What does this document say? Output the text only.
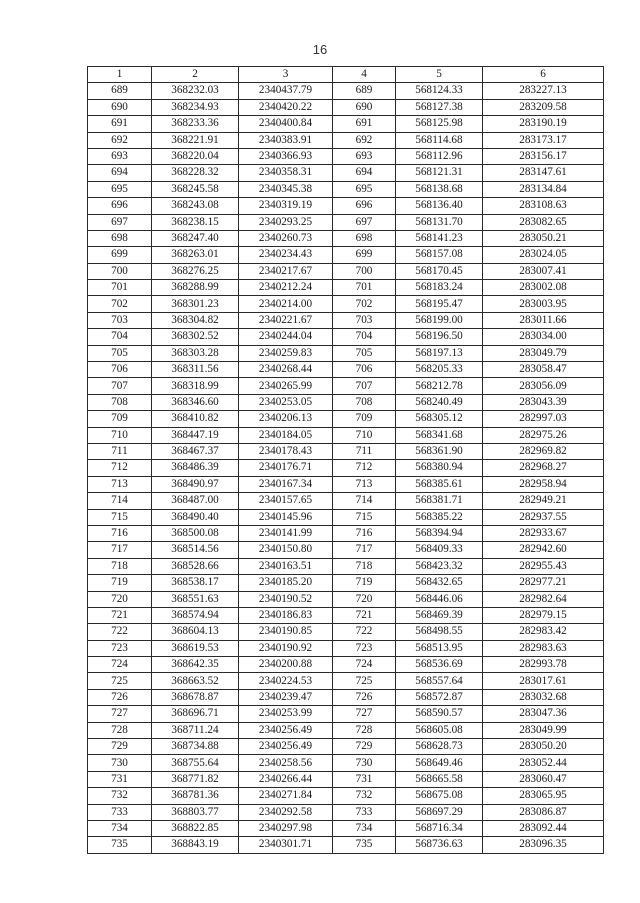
16
1	2	3	4	5	6
689	368232.03	2340437.79	689	568124.33	283227.13
690	368234.93	2340420.22	690	568127.38	283209.58
691	368233.36	2340400.84	691	568125.98	283190.19
692	368221.91	2340383.91	692	568114.68	283173.17
693	368220.04	2340366.93	693	568112.96	283156.17
694	368228.32	2340358.31	694	568121.31	283147.61
695	368245.58	2340345.38	695	568138.68	283134.84
696	368243.08	2340319.19	696	568136.40	283108.63
697	368238.15	2340293.25	697	568131.70	283082.65
698	368247.40	2340260.73	698	568141.23	283050.21
699	368263.01	2340234.43	699	568157.08	283024.05
700	368276.25	2340217.67	700	568170.45	283007.41
701	368288.99	2340212.24	701	568183.24	283002.08
702	368301.23	2340214.00	702	568195.47	283003.95
703	368304.82	2340221.67	703	568199.00	283011.66
704	368302.52	2340244.04	704	568196.50	283034.00
705	368303.28	2340259.83	705	568197.13	283049.79
706	368311.56	2340268.44	706	568205.33	283058.47
707	368318.99	2340265.99	707	568212.78	283056.09
708	368346.60	2340253.05	708	568240.49	283043.39
709	368410.82	2340206.13	709	568305.12	282997.03
710	368447.19	2340184.05	710	568341.68	282975.26
711	368467.37	2340178.43	711	568361.90	282969.82
712	368486.39	2340176.71	712	568380.94	282968.27
713	368490.97	2340167.34	713	568385.61	282958.94
714	368487.00	2340157.65	714	568381.71	282949.21
715	368490.40	2340145.96	715	568385.22	282937.55
716	368500.08	2340141.99	716	568394.94	282933.67
717	368514.56	2340150.80	717	568409.33	282942.60
718	368528.66	2340163.51	718	568423.32	282955.43
719	368538.17	2340185.20	719	568432.65	282977.21
720	368551.63	2340190.52	720	568446.06	282982.64
721	368574.94	2340186.83	721	568469.39	282979.15
722	368604.13	2340190.85	722	568498.55	282983.42
723	368619.53	2340190.92	723	568513.95	282983.63
724	368642.35	2340200.88	724	568536.69	282993.78
725	368663.52	2340224.53	725	568557.64	283017.61
726	368678.87	2340239.47	726	568572.87	283032.68
727	368696.71	2340253.99	727	568590.57	283047.36
728	368711.24	2340256.49	728	568605.08	283049.99
729	368734.88	2340256.49	729	568628.73	283050.20
730	368755.64	2340258.56	730	568649.46	283052.44
731	368771.82	2340266.44	731	568665.58	283060.47
732	368781.36	2340271.84	732	568675.08	283065.95
733	368803.77	2340292.58	733	568697.29	283086.87
734	368822.85	2340297.98	734	568716.34	283092.44
735	368843.19	2340301.71	735	568736.63	283096.35
